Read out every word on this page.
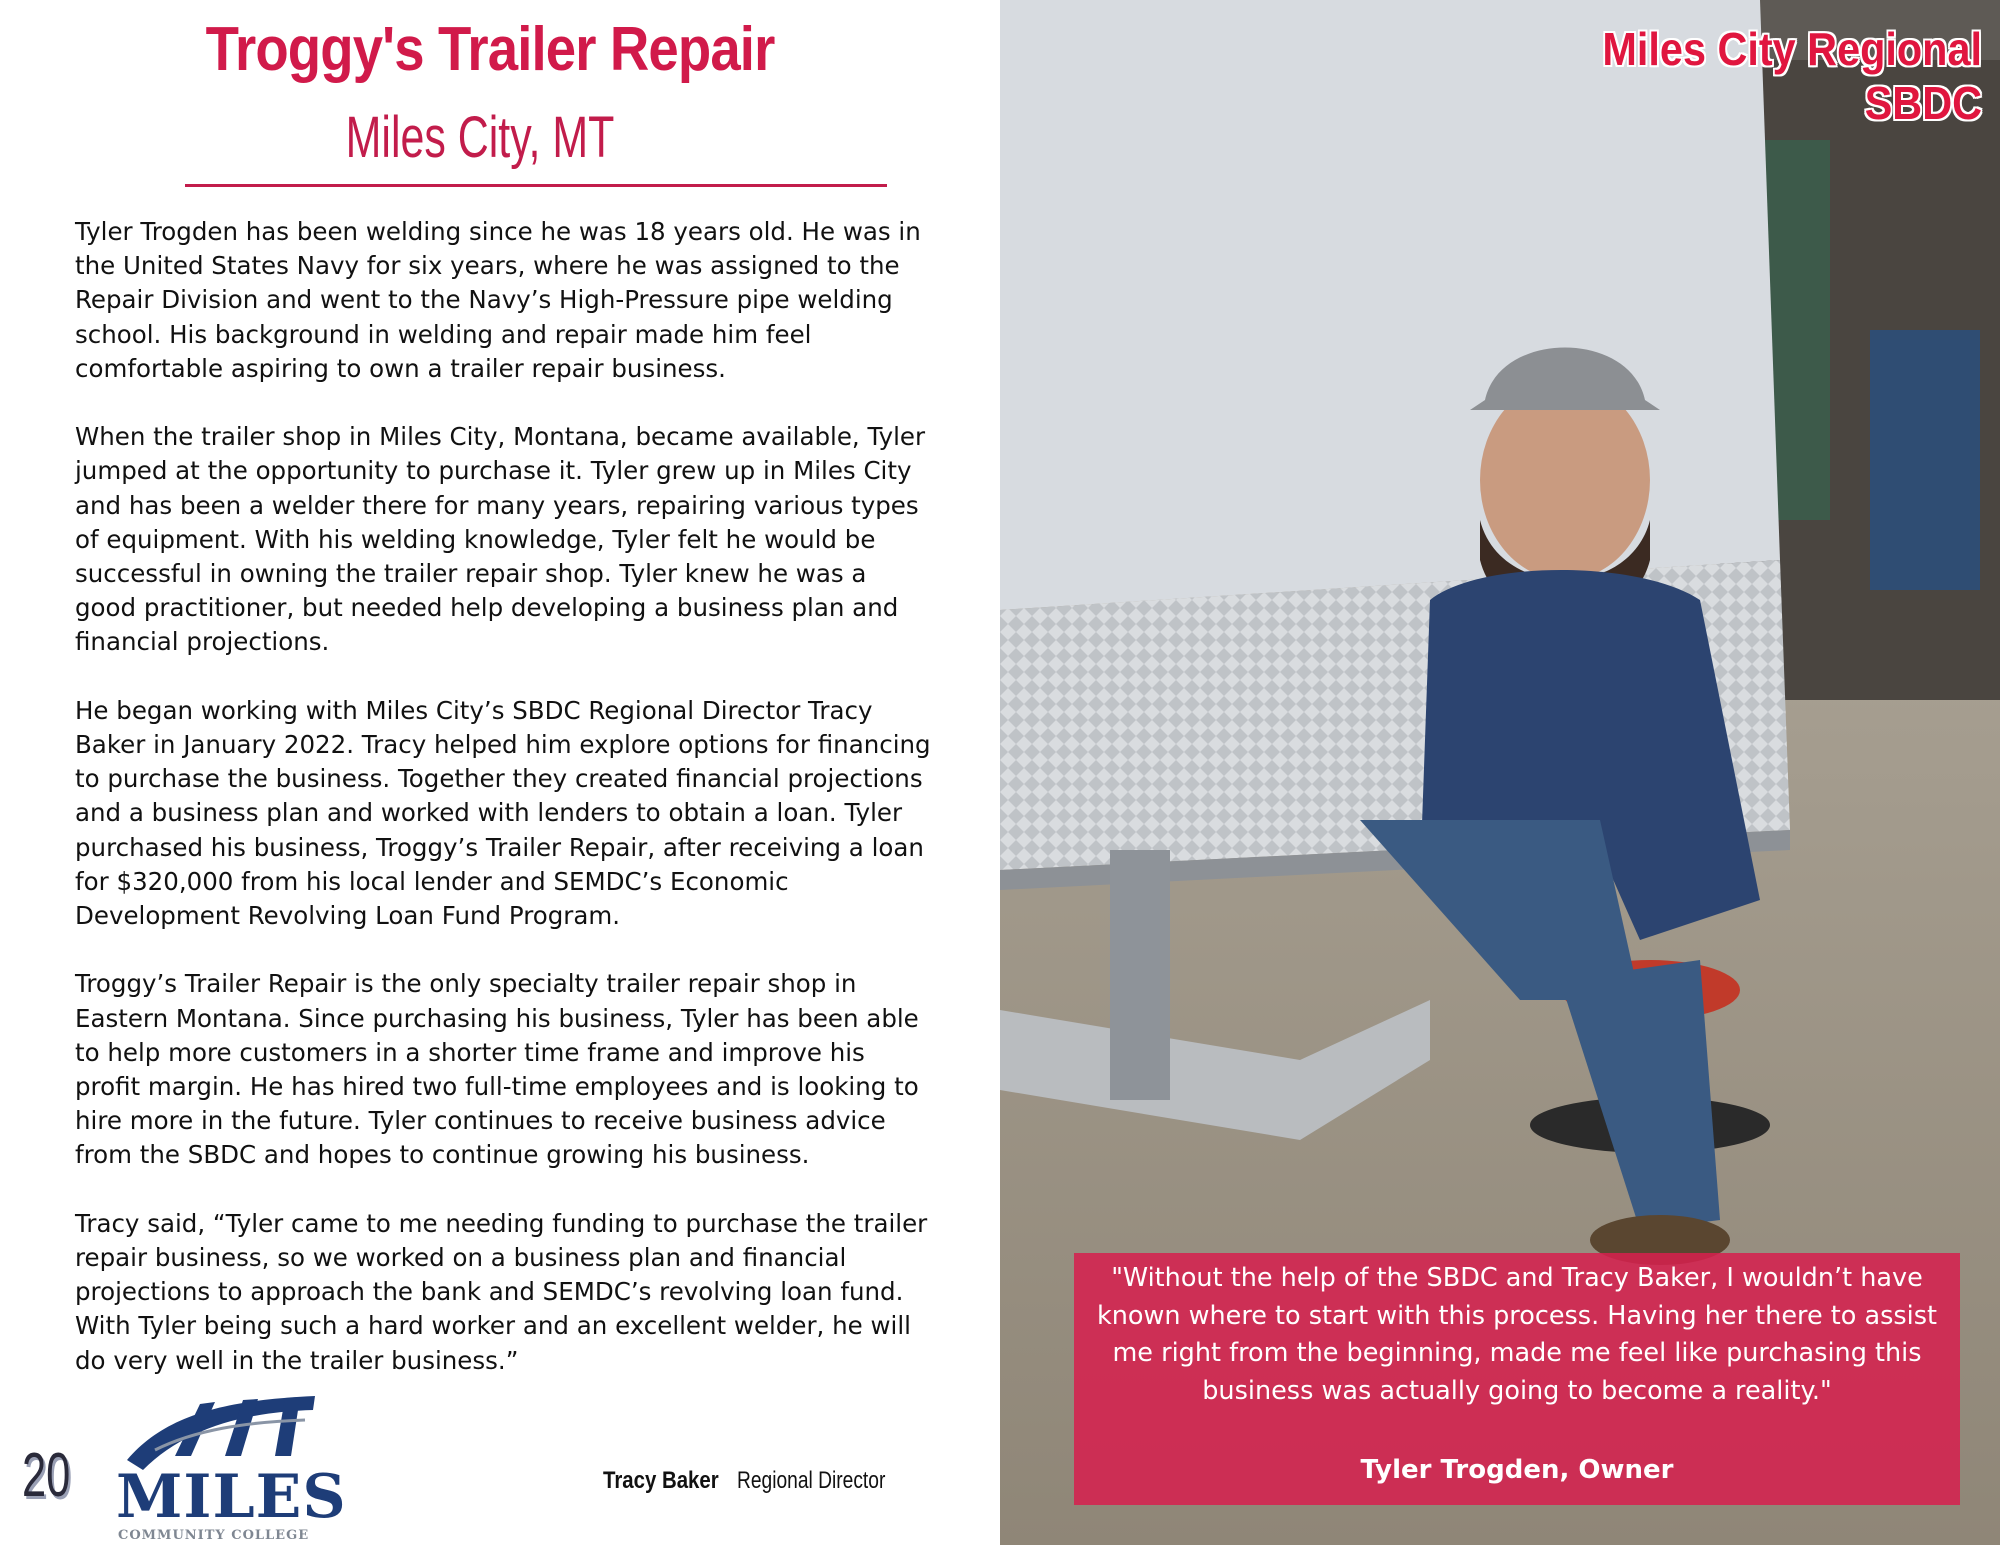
Troggy's Trailer Repair
Miles City, MT

Tyler Trogden has been welding since he was 18 years old. He was in the United States Navy for six years, where he was assigned to the Repair Division and went to the Navy’s High-Pressure pipe welding school. His background in welding and repair made him feel comfortable aspiring to own a trailer repair business.

When the trailer shop in Miles City, Montana, became available, Tyler jumped at the opportunity to purchase it. Tyler grew up in Miles City and has been a welder there for many years, repairing various types of equipment. With his welding knowledge, Tyler felt he would be successful in owning the trailer repair shop. Tyler knew he was a good practitioner, but needed help developing a business plan and financial projections.

He began working with Miles City’s SBDC Regional Director Tracy Baker in January 2022. Tracy helped him explore options for financing to purchase the business. Together they created financial projections and a business plan and worked with lenders to obtain a loan. Tyler purchased his business, Troggy’s Trailer Repair, after receiving a loan for $320,000 from his local lender and SEMDC’s Economic Development Revolving Loan Fund Program.

Troggy’s Trailer Repair is the only specialty trailer repair shop in Eastern Montana. Since purchasing his business, Tyler has been able to help more customers in a shorter time frame and improve his profit margin. He has hired two full-time employees and is looking to hire more in the future. Tyler continues to receive business advice from the SBDC and hopes to continue growing his business.

Tracy said, “Tyler came to me needing funding to purchase the trailer repair business, so we worked on a business plan and financial projections to approach the bank and SEMDC’s revolving loan fund. With Tyler being such a hard worker and an excellent welder, he will do very well in the trailer business.”

20 MILES
COMMUNITY COLLEGE
Tracy Baker Regional Director
Miles City Regional SBDC
"Without the help of the SBDC and Tracy Baker, I wouldn’t have known where to start with this process. Having her there to assist me right from the beginning, made me feel like purchasing this business was actually going to become a reality."
Tyler Trogden, Owner
